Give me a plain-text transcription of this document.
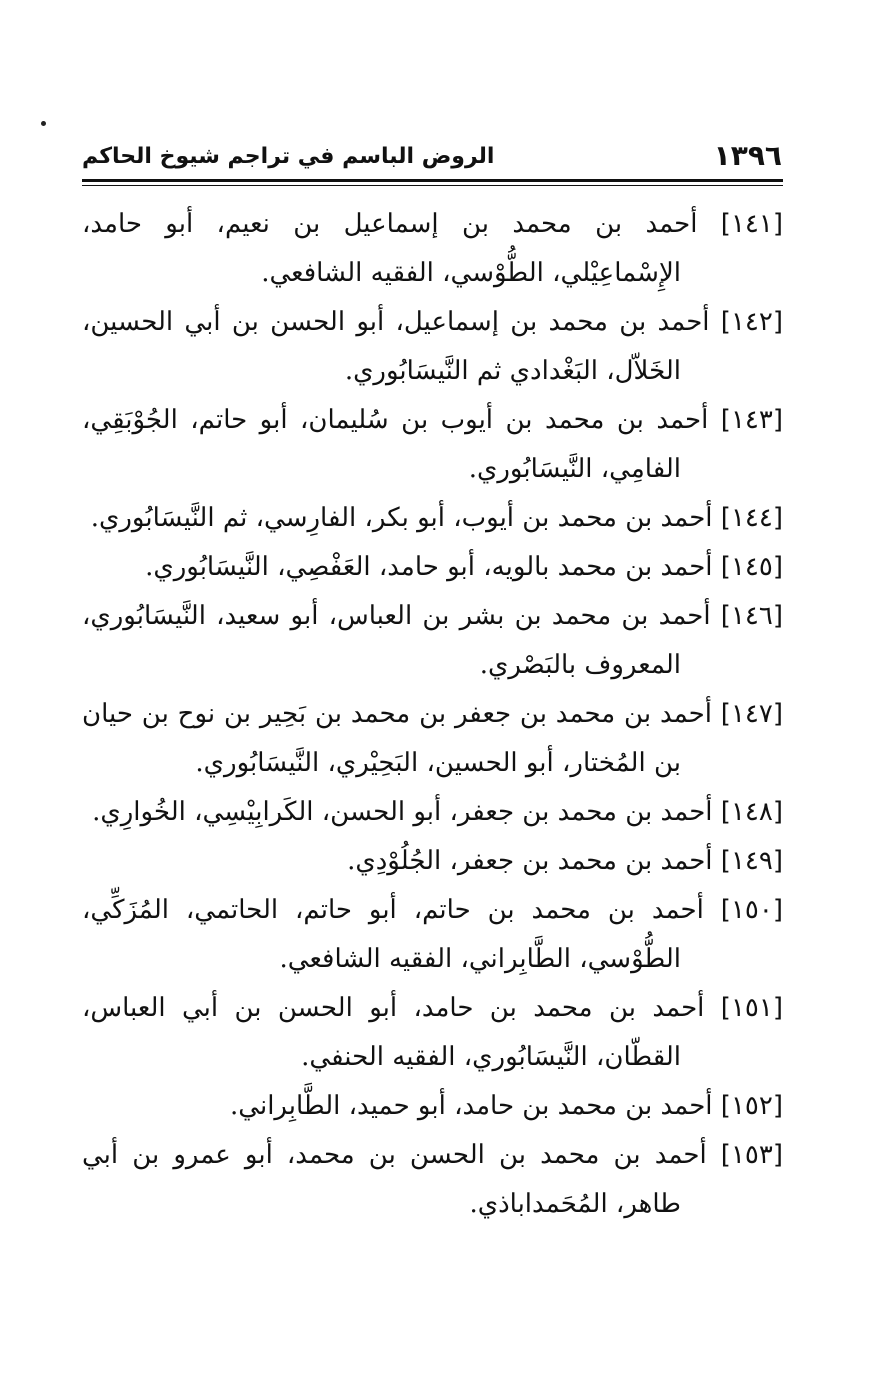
١٣٩٦
الروض الباسم في تراجم شيوخ الحاكم
[١٤١] أحمد بن محمد بن إسماعيل بن نعيم، أبو حامد، الإِسْماعِيْلي، الطُّوْسي، الفقيه الشافعي.
[١٤٢] أحمد بن محمد بن إسماعيل، أبو الحسن بن أبي الحسين، الخَلاّل، البَغْدادي ثم النَّيسَابُوري.
[١٤٣] أحمد بن محمد بن أيوب بن سُليمان، أبو حاتم، الجُوْبَقِي، الفامِي، النَّيسَابُوري.
[١٤٤] أحمد بن محمد بن أيوب، أبو بكر، الفارِسي، ثم النَّيسَابُوري.
[١٤٥] أحمد بن محمد بالويه، أبو حامد، العَفْصِي، النَّيسَابُوري.
[١٤٦] أحمد بن محمد بن بشر بن العباس، أبو سعيد، النَّيسَابُوري، المعروف بالبَصْري.
[١٤٧] أحمد بن محمد بن جعفر بن محمد بن بَحِير بن نوح بن حيان بن المُختار، أبو الحسين، البَحِيْري، النَّيسَابُوري.
[١٤٨] أحمد بن محمد بن جعفر، أبو الحسن، الكَرابِيْسِي، الخُوارِي.
[١٤٩] أحمد بن محمد بن جعفر، الجُلُوْدِي.
[١٥٠] أحمد بن محمد بن حاتم، أبو حاتم، الحاتمي، المُزَكِّي، الطُّوْسي، الطَّابِراني، الفقيه الشافعي.
[١٥١] أحمد بن محمد بن حامد، أبو الحسن بن أبي العباس، القطّان، النَّيسَابُوري، الفقيه الحنفي.
[١٥٢] أحمد بن محمد بن حامد، أبو حميد، الطَّابِراني.
[١٥٣] أحمد بن محمد بن الحسن بن محمد، أبو عمرو بن أبي طاهر، المُحَمداباذي.
